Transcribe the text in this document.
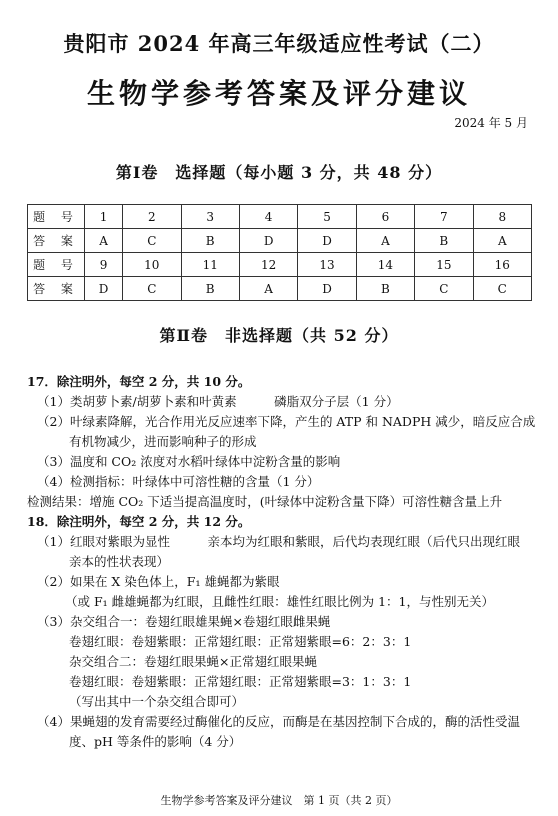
贵阳市 2024 年高三年级适应性考试（二）
生物学参考答案及评分建议
2024 年 5 月
第Ⅰ卷　选择题（每小题 3 分，共 48 分）
题 号	1	2	3	4	5	6	7	8
答 案	A	C	B	D	D	A	B	A
题 号	9	10	11	12	13	14	15	16
答 案	D	C	B	A	D	B	C	C
第Ⅱ卷　非选择题（共 52 分）
17．除注明外，每空 2 分，共 10 分。
（1）类胡萝卜素/胡萝卜素和叶黄素　　　磷脂双分子层（1 分）
（2）叶绿素降解，光合作用光反应速率下降，产生的 ATP 和 NADPH 减少，暗反应合成
有机物减少，进而影响种子的形成
（3）温度和 CO₂ 浓度对水稻叶绿体中淀粉含量的影响
（4）检测指标：叶绿体中可溶性糖的含量（1 分）
检测结果：增施 CO₂ 下适当提高温度时，(叶绿体中淀粉含量下降）可溶性糖含量上升
18．除注明外，每空 2 分，共 12 分。
（1）红眼对紫眼为显性　　　亲本均为红眼和紫眼，后代均表现红眼（后代只出现红眼
亲本的性状表现）
（2）如果在 X 染色体上，F₁ 雄蝇都为紫眼
（或 F₁ 雌雄蝇都为红眼，且雌性红眼：雄性红眼比例为 1：1，与性别无关）
（3）杂交组合一：卷翅红眼雄果蝇×卷翅红眼雌果蝇
卷翅红眼：卷翅紫眼：正常翅红眼：正常翅紫眼=6：2：3：1
杂交组合二：卷翅红眼果蝇×正常翅红眼果蝇
卷翅红眼：卷翅紫眼：正常翅红眼：正常翅紫眼=3：1：3：1
（写出其中一个杂交组合即可）
（4）果蝇翅的发育需要经过酶催化的反应，而酶是在基因控制下合成的，酶的活性受温
度、pH 等条件的影响（4 分）
生物学参考答案及评分建议　第 1 页（共 2 页）
